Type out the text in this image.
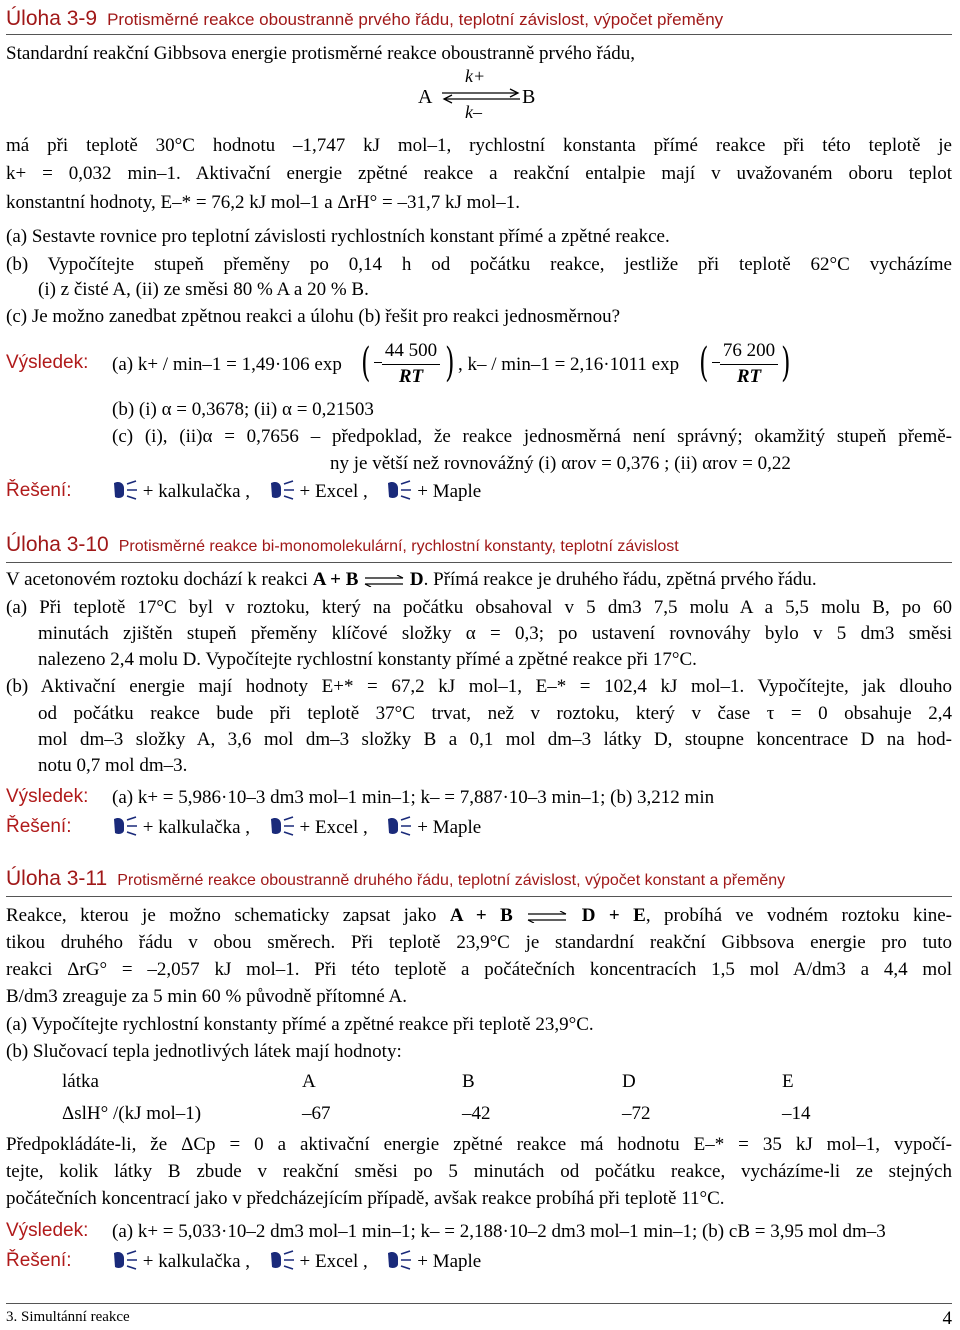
Úloha 3-9 Protisměrné reakce oboustranně prvého řádu, teplotní závislost, výpočet přeměny
Standardní reakční Gibbsova energie protisměrné reakce oboustranně prvého řádu,
A
k+
B
k–
má při teplotě 30°C hodnotu –1,747 kJ mol–1, rychlostní konstanta přímé reakce při této teplotě je
k+ = 0,032 min–1. Aktivační energie zpětné reakce a reakční entalpie mají v uvažovaném oboru teplot
konstantní hodnoty, E–* = 76,2 kJ mol–1 a ΔrH° = –31,7 kJ mol–1.
(a) Sestavte rovnice pro teplotní závislosti rychlostních konstant přímé a zpětné reakce.
(b) Vypočítejte stupeň přeměny po 0,14 h od počátku reakce, jestliže při teplotě 62°C vycházíme
(i) z čisté A, (ii) ze směsi 80 % A a 20 % B.
(c) Je možno zanedbat zpětnou reakci a úlohu (b) řešit pro reakci jednosměrnou?
Výsledek: (a) k+ / min–1 = 1,49·106 exp ( 44 500
RT ) , k– / min–1 = 2,16·1011 exp ( 76 200
RT )
(b) (i) α = 0,3678; (ii) α = 0,21503
(c) (i), (ii)α = 0,7656 – předpoklad, že reakce jednosměrná není správný; okamžitý stupeň přemě-
ny je větší než rovnovážný (i) αrov = 0,376 ; (ii) αrov = 0,22
Řešení:	+ kalkulačka ,	+ Excel ,	+ Maple
Úloha 3-10 Protisměrné reakce bi-monomolekulární, rychlostní konstanty, teplotní závislost
V acetonovém roztoku dochází k reakci A + B ⇌ D. Přímá reakce je druhého řádu, zpětná prvého řádu.
(a) Při teplotě 17°C byl v roztoku, který na počátku obsahoval v 5 dm3 7,5 molu A a 5,5 molu B, po 60
minutách zjištěn stupeň přeměny klíčové složky α = 0,3; po ustavení rovnováhy bylo v 5 dm3 směsi
nalezeno 2,4 molu D. Vypočítejte rychlostní konstanty přímé a zpětné reakce při 17°C.
(b) Aktivační energie mají hodnoty E+* = 67,2 kJ mol–1, E–* = 102,4 kJ mol–1. Vypočítejte, jak dlouho
od počátku reakce bude při teplotě 37°C trvat, než v roztoku, který v čase τ = 0 obsahuje 2,4
mol dm–3 složky A, 3,6 mol dm–3 složky B a 0,1 mol dm–3 látky D, stoupne koncentrace D na hod-
notu 0,7 mol dm–3.
Výsledek: (a) k+ = 5,986·10–3 dm3 mol–1 min–1; k– = 7,887·10–3 min–1; (b) 3,212 min
Řešení:	+ kalkulačka ,	+ Excel ,	+ Maple
Úloha 3-11 Protisměrné reakce oboustranně druhého řádu, teplotní závislost, výpočet konstant a přeměny
Reakce, kterou je možno schematicky zapsat jako A + B ⇌ D + E, probíhá ve vodném roztoku kine-
tikou druhého řádu v obou směrech. Při teplotě 23,9°C je standardní reakční Gibbsova energie pro tuto
reakci ΔrG° = –2,057 kJ mol–1. Při této teplotě a počátečních koncentracích 1,5 mol A/dm3 a 4,4 mol
B/dm3 zreaguje za 5 min 60 % původně přítomné A.
(a) Vypočítejte rychlostní konstanty přímé a zpětné reakce při teplotě 23,9°C.
(b) Slučovací tepla jednotlivých látek mají hodnoty:
látka	A	B	D	E
ΔslH° /(kJ mol–1)	–67	–42	–72	–14
Předpokládáte-li, že ΔCp = 0 a aktivační energie zpětné reakce má hodnotu E–* = 35 kJ mol–1, vypočí-
tejte, kolik látky B zbude v reakční směsi po 5 minutách od počátku reakce, vycházíme-li ze stejných
počátečních koncentrací jako v předcházejícím případě, avšak reakce probíhá při teplotě 11°C.
Výsledek: (a) k+ = 5,033·10–2 dm3 mol–1 min–1; k– = 2,188·10–2 dm3 mol–1 min–1; (b) cB = 3,95 mol dm–3
Řešení:	+ kalkulačka ,	+ Excel ,	+ Maple
3. Simultánní reakce	4
